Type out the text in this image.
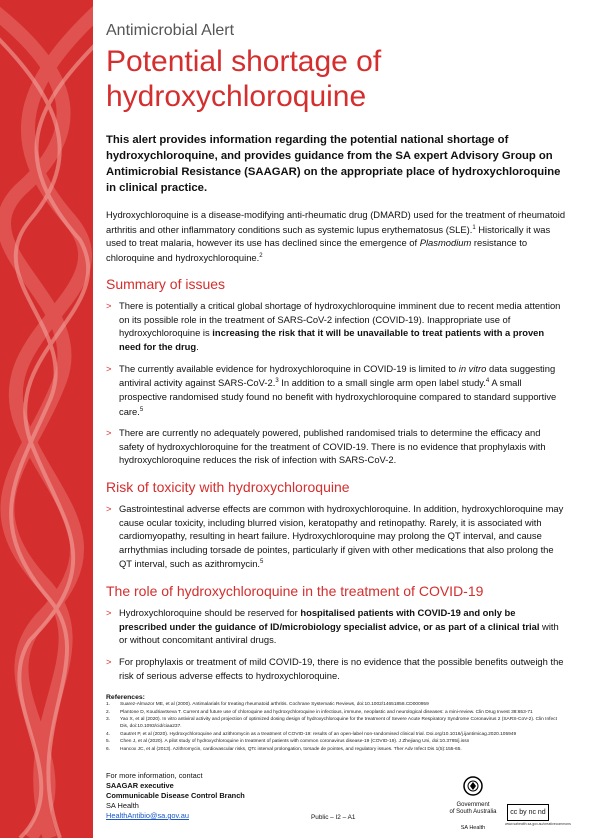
Antimicrobial Alert
Potential shortage of hydroxychloroquine
This alert provides information regarding the potential national shortage of hydroxychloroquine, and provides guidance from the SA expert Advisory Group on Antimicrobial Resistance (SAAGAR) on the appropriate place of hydroxychloroquine in clinical practice.
Hydroxychloroquine is a disease-modifying anti-rheumatic drug (DMARD) used for the treatment of rheumatoid arthritis and other inflammatory conditions such as systemic lupus erythematosus (SLE).$^1$ Historically it was used to treat malaria, however its use has declined since the emergence of Plasmodium resistance to chloroquine and hydroxychloroquine.$^2$
Summary of issues
> There is potentially a critical global shortage of hydroxychloroquine imminent due to recent media attention on its possible role in the treatment of SARS-CoV-2 infection (COVID-19). Inappropriate use of hydroxychloroquine is increasing the risk that it will be unavailable to treat patients with a proven need for the drug.
> The currently available evidence for hydroxychloroquine in COVID-19 is limited to in vitro data suggesting antiviral activity against SARS-CoV-2.$^3$ In addition to a small single arm open label study.$^4$ A small prospective randomised study found no benefit with hydroxychloroquine compared to standard supportive care.$^5$
> There are currently no adequately powered, published randomised trials to determine the efficacy and safety of hydroxychloroquine for the treatment of COVID-19. There is no evidence that prophylaxis with hydroxychloroquine reduces the risk of infection with SARS-CoV-2.
Risk of toxicity with hydroxychloroquine
> Gastrointestinal adverse effects are common with hydroxychloroquine. In addition, hydroxychloroquine may cause ocular toxicity, including blurred vision, keratopathy and retinopathy. Rarely, it is associated with cardiomyopathy, resulting in heart failure. Hydroxychloroquine may prolong the QT interval, and cause arrhythmias including torsade de pointes, particularly if given with other medications that also prolong the QT interval, such as azithromycin.$^5$
The role of hydroxychloroquine in the treatment of COVID-19
> Hydroxychloroquine should be reserved for hospitalised patients with COVID-19 and only be prescribed under the guidance of ID/microbiology specialist advice, or as part of a clinical trial with or without concomitant antiviral drugs.
> For prophylaxis or treatment of mild COVID-19, there is no evidence that the possible benefits outweigh the risk of serious adverse effects to hydroxychloroquine.
References:
1. Suarez-Almazor ME, et al (2000). Antimalarials for treating rheumatoid arthritis. Cochrane Systematic Reviews, doi:10.1002/14651858.CD000959
2. Plantone D, Koudriavtseva T. Current and future use of chloroquine and hydroxychloroquine in infectious, immune, neoplastic and neurological diseases: a mini-review. Clin Drug Invest 38:653-71
3. Yao X, et al (2020). In vitro antiviral activity and projection of optimized dosing design of hydroxychloroquine for the treatment of Severe Acute Respiratory Syndrome Coronavirus 2 (SARS-CoV-2). Clin Infect Dis, doi:10.1093/cid/ciaa237.
4. Gautret P, et al (2020). Hydroxychloroquine and azithromycin as a treatment of COVID-19: results of an open-label non-randomised clinical trial. Doi.org/10.1016/j.ijantimicag.2020.105949
5. Chen J, et al (2020). A pilot study of hydroxychloroquine in treatment of patients with common coronavirus disease-19 (COVID-19). J Zhejiang Uni, doi:10.3785/j.issn
6. Hancox JC, et al (2013). Azithromycin, cardiovascular risks, QTc interval prolongation, torsade de pointes, and regulatory issues. Ther Adv Infect Dis 1(5):155-65.
For more information, contact
SAAGAR executive
Communicable Disease Control Branch
SA Health
HealthAntibio@sa.gov.au	Public – I2 – A1
Government
of South Australia
SA Health
cc by nc nd
www.sahealth.sa.gov.au/creativecommons
